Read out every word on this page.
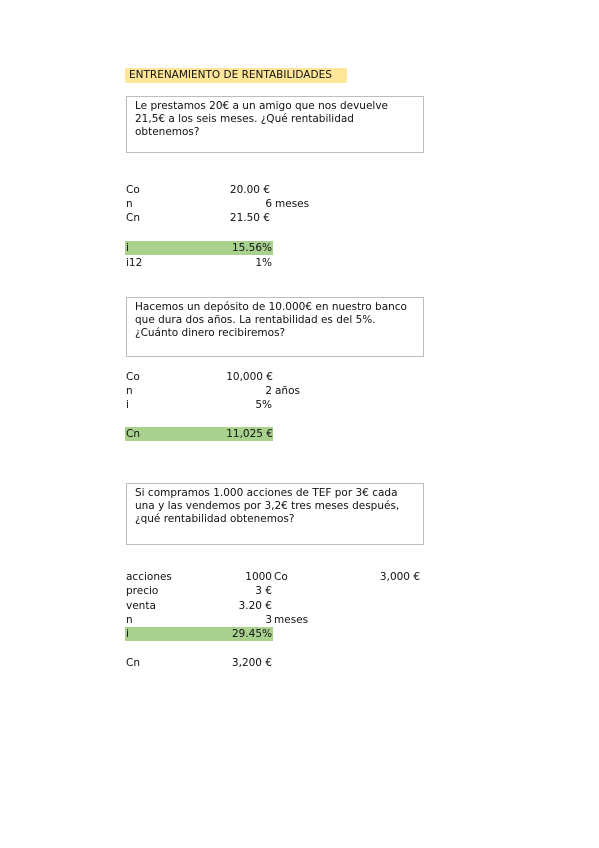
ENTRENAMIENTO DE RENTABILIDADES
Le prestamos 20€ a un amigo que nos devuelve 21,5€ a los seis meses. ¿Qué rentabilidad obtenemos?
Co	20.00 €
n	6 meses
Cn	21.50 €
i	15.56%
i12	1%
Hacemos un depósito de 10.000€ en nuestro banco que dura dos años. La rentabilidad es del 5%. ¿Cuánto dinero recibiremos?
Co	10,000 €
n	2 años
i	5%
Cn	11,025 €
Si compramos 1.000 acciones de TEF por 3€ cada una y las vendemos por 3,2€ tres meses después, ¿qué rentabilidad obtenemos?
acciones	1000 Co	3,000 €
precio	3 €
venta	3.20 €
n	3 meses
i	29.45%
Cn	3,200 €
